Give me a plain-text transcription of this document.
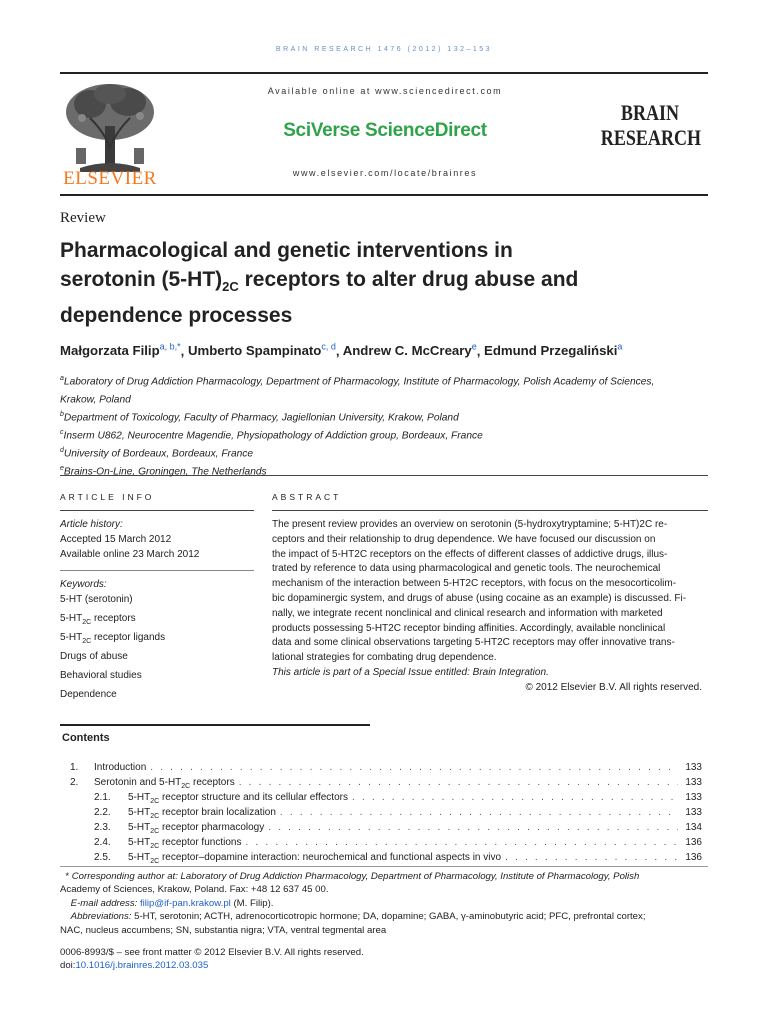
BRAIN RESEARCH 1476 (2012) 132–153
ELSEVIER
Available online at www.sciencedirect.com
SciVerse ScienceDirect
www.elsevier.com/locate/brainres
BRAIN
RESEARCH
Review
Pharmacological and genetic interventions in
serotonin $(5-HT)_{2C}$ receptors to alter drug abuse and
dependence processes
Małgorzata Filip$^{a, b,*}$, Umberto Spampinato$^{c, d}$, Andrew C. McCreary$^e$, Edmund Przegaliński$^a$
$^a$Laboratory of Drug Addiction Pharmacology, Department of Pharmacology, Institute of Pharmacology, Polish Academy of Sciences,
Krakow, Poland
$^b$Department of Toxicology, Faculty of Pharmacy, Jagiellonian University, Krakow, Poland
$^c$Inserm U862, Neurocentre Magendie, Physiopathology of Addiction group, Bordeaux, France
$^d$University of Bordeaux, Bordeaux, France
$^e$Brains-On-Line, Groningen, The Netherlands
ARTICLE INFO
Article history:
Accepted 15 March 2012
Available online 23 March 2012
Keywords:
5-HT (serotonin)
$5-HT_{2C}$ receptors
$5-HT_{2C}$ receptor ligands
Drugs of abuse
Behavioral studies
Dependence
ABSTRACT
The present review provides an overview on serotonin (5-hydroxytryptamine; 5-HT)2C re-
ceptors and their relationship to drug dependence. We have focused our discussion on
the impact of 5-HT2C receptors on the effects of different classes of addictive drugs, illus-
trated by reference to data using pharmacological and genetic tools. The neurochemical
mechanism of the interaction between 5-HT2C receptors, with focus on the mesocorticolim-
bic dopaminergic system, and drugs of abuse (using cocaine as an example) is discussed. Fi-
nally, we integrate recent nonclinical and clinical research and information with marketed
products possessing 5-HT2C receptor binding affinities. Accordingly, available nonclinical
data and some clinical observations targeting 5-HT2C receptors may offer innovative trans-
lational strategies for combating drug dependence.
This article is part of a Special Issue entitled: Brain Integration.
© 2012 Elsevier B.V. All rights reserved.
Contents
1.	Introduction . . .	133
2.	Serotonin and $5-HT_{2C}$ receptors . . .	133
2.1.	$5-HT_{2C}$ receptor structure and its cellular effectors . . .	133
2.2.	$5-HT_{2C}$ receptor brain localization . . .	133
2.3.	$5-HT_{2C}$ receptor pharmacology . . .	134
2.4.	$5-HT_{2C}$ receptor functions . . .	136
2.5.	$5-HT_{2C}$ receptor–dopamine interaction: neurochemical and functional aspects in vivo . . .	136
* Corresponding author at: Laboratory of Drug Addiction Pharmacology, Department of Pharmacology, Institute of Pharmacology, Polish
Academy of Sciences, Krakow, Poland. Fax: +48 12 637 45 00.
E-mail address: filip@if-pan.krakow.pl (M. Filip).
Abbreviations: 5-HT, serotonin; ACTH, adrenocorticotropic hormone; DA, dopamine; GABA, γ-aminobutyric acid; PFC, prefrontal cortex;
NAC, nucleus accumbens; SN, substantia nigra; VTA, ventral tegmental area
0006-8993/$ – see front matter © 2012 Elsevier B.V. All rights reserved.
doi:10.1016/j.brainres.2012.03.035
